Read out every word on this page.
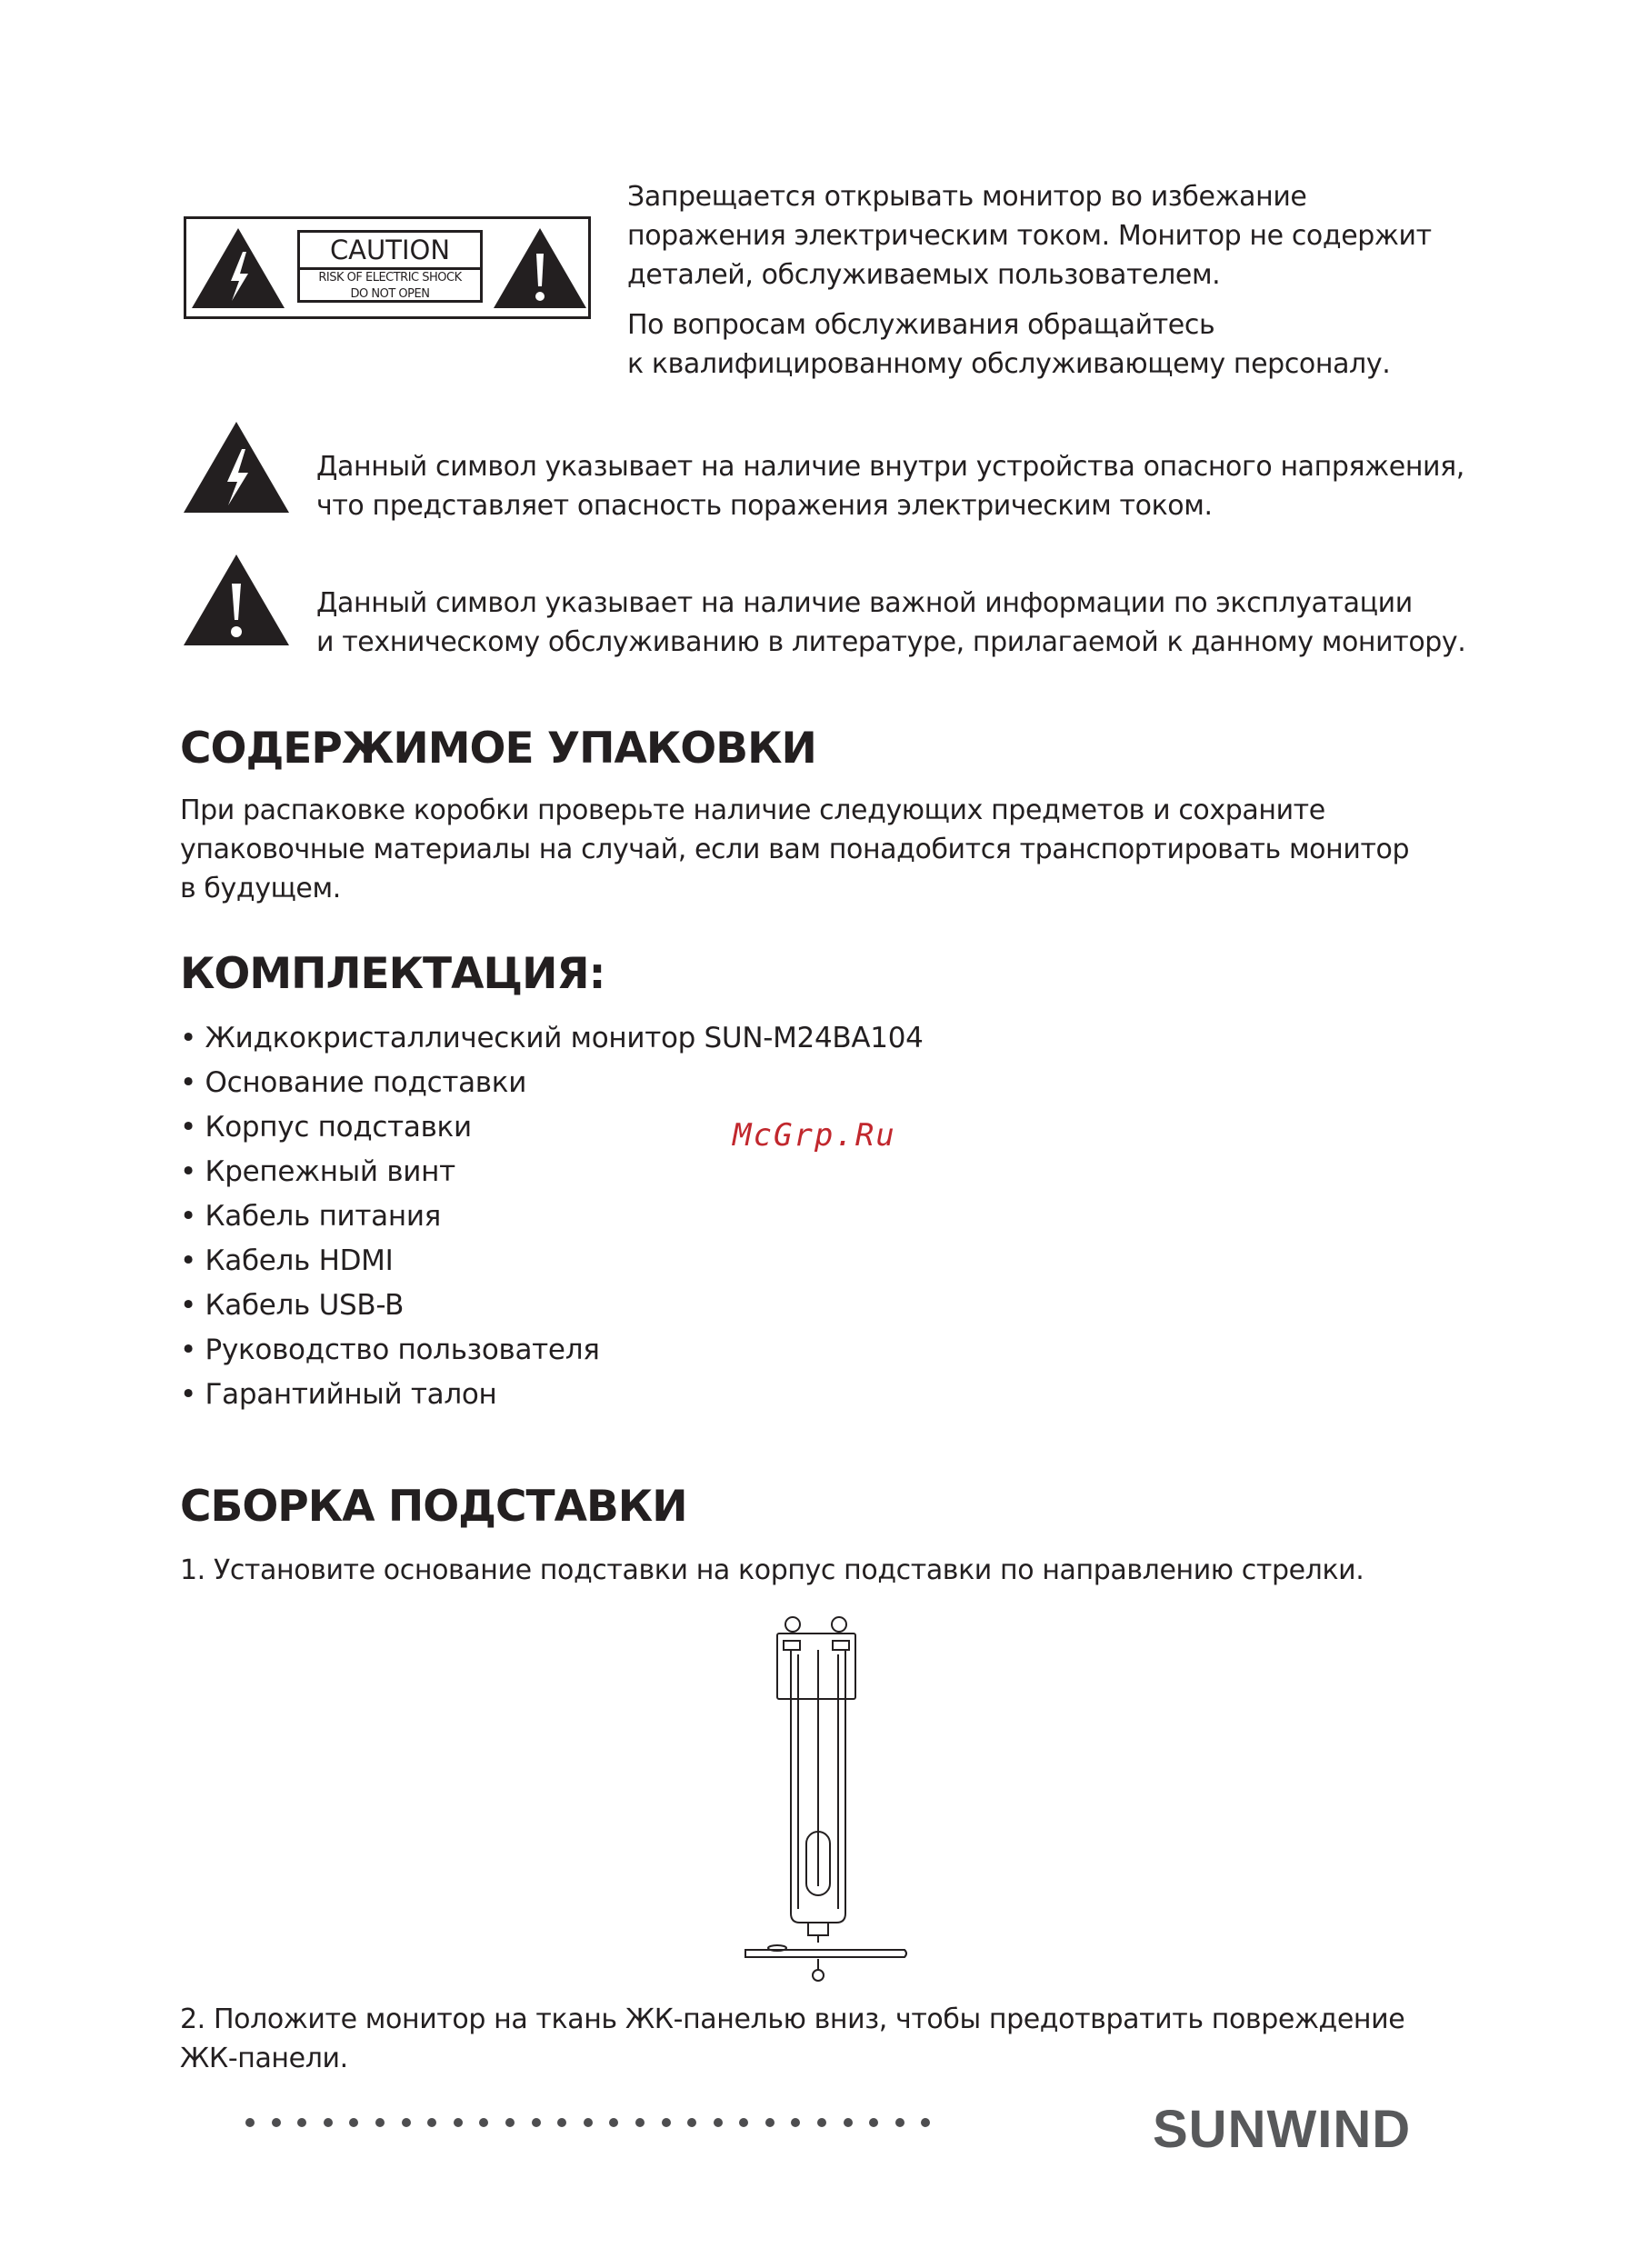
CAUTION
RISK OF ELECTRIC SHOCK
DO NOT OPEN

Запрещается открывать монитор во избежание

поражения электрическим током. Монитор не содержит

деталей, обслуживаемых пользователем.

По вопросам обслуживания обращайтесь

к квалифицированному обслуживающему персоналу.

Данный символ указывает на наличие внутри устройства опасного напряжения,

что представляет опасность поражения электрическим током.

Данный символ указывает на наличие важной информации по эксплуатации

и техническому обслуживанию в литературе, прилагаемой к данному монитору.

СОДЕРЖИМОЕ УПАКОВКИ

При распаковке коробки проверьте наличие следующих предметов и сохраните

упаковочные материалы на случай, если вам понадобится транспортировать монитор

в будущем.

КОМПЛЕКТАЦИЯ:
• Жидкокристаллический монитор SUN-M24BA104
• Основание подставки
• Корпус подставки
• Крепежный винт
• Кабель питания
• Кабель HDMI
• Кабель USB-B
• Руководство пользователя
• Гарантийный талон
McGrp.Ru
СБОРКА ПОДСТАВКИ
1. Установите основание подставки на корпус подставки по направлению стрелки.

2. Положите монитор на ткань ЖК-панелью вниз, чтобы предотвратить повреждение

ЖК-панели.

SUNWIND
